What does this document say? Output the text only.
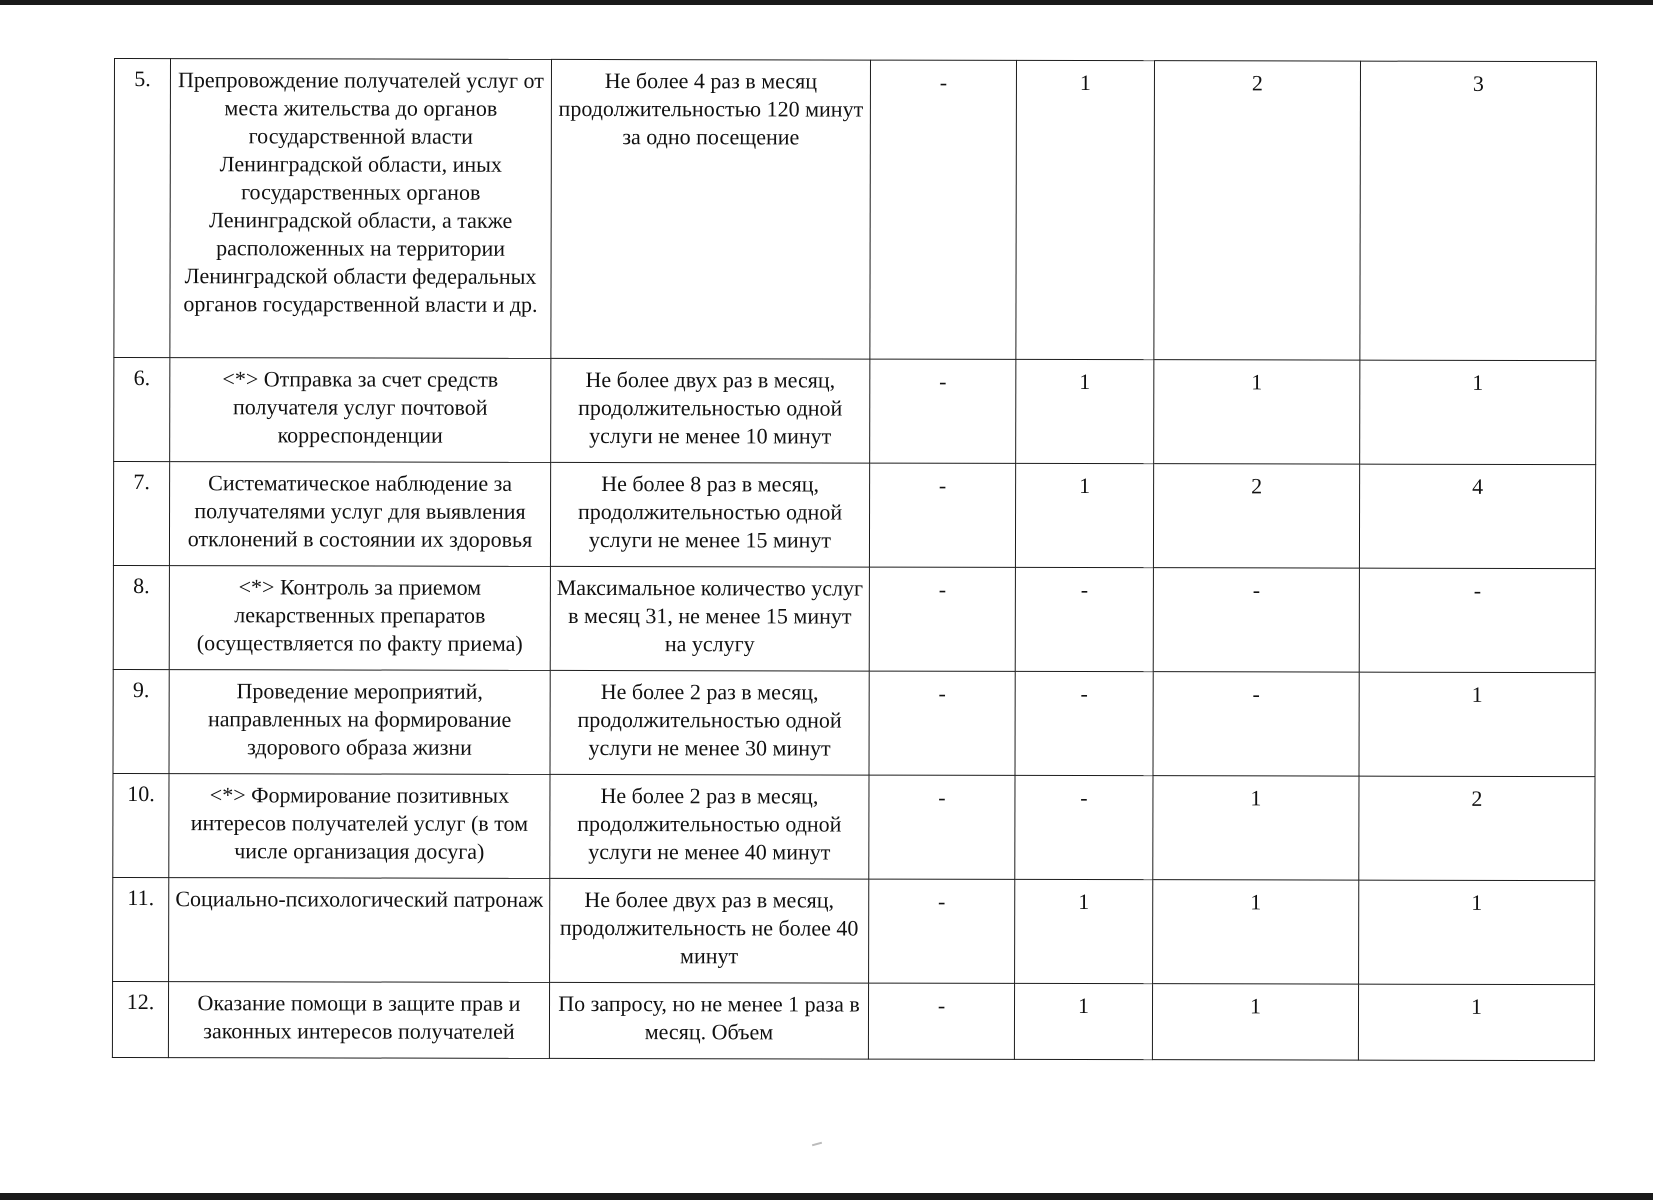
5.	Препровождение получателей услуг от места жительства до органов государственной власти Ленинградской области, иных государственных органов Ленинградской области, а также расположенных на территории Ленинградской области федеральных органов государственной власти и др.	Не более 4 раз в месяц продолжительностью 120 минут за одно посещение	-	1	2	3
6.	<*> Отправка за счет средств получателя услуг почтовой корреспонденции	Не более двух раз в месяц, продолжительностью одной услуги не менее 10 минут	-	1	1	1
7.	Систематическое наблюдение за получателями услуг для выявления отклонений в состоянии их здоровья	Не более 8 раз в месяц, продолжительностью одной услуги не менее 15 минут	-	1	2	4
8.	<*> Контроль за приемом лекарственных препаратов (осуществляется по факту приема)	Максимальное количество услуг в месяц 31, не менее 15 минут на услугу	-	-	-	-
9.	Проведение мероприятий, направленных на формирование здорового образа жизни	Не более 2 раз в месяц, продолжительностью одной услуги не менее 30 минут	-	-	-	1
10.	<*> Формирование позитивных интересов получателей услуг (в том числе организация досуга)	Не более 2 раз в месяц, продолжительностью одной услуги не менее 40 минут	-	-	1	2
11.	Социально-психологический патронаж	Не более двух раз в месяц, продолжительность не более 40 минут	-	1	1	1
12.	Оказание помощи в защите прав и законных интересов получателей	По запросу, но не менее 1 раза в месяц. Объем	-	1	1	1
